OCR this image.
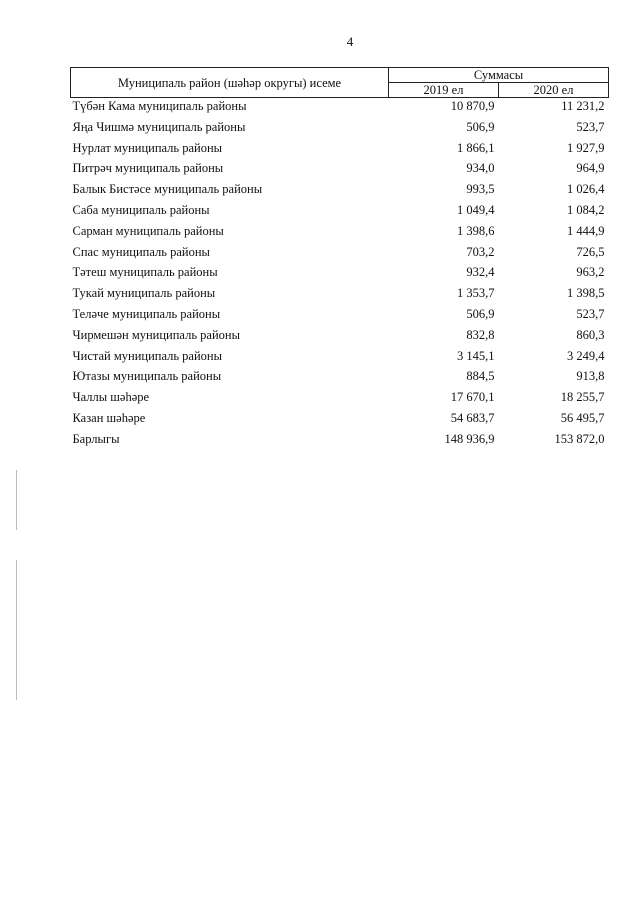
4
Муниципаль район (шәһәр округы) исеме	Суммасы	
	2019 ел	2020 ел
Түбән Кама муниципаль районы	10 870,9	11 231,2
Яңа Чишмә муниципаль районы	506,9	523,7
Нурлат муниципаль районы	1 866,1	1 927,9
Питрәч муниципаль районы	934,0	964,9
Балык Бистәсе муниципаль районы	993,5	1 026,4
Саба муниципаль районы	1 049,4	1 084,2
Сарман муниципаль районы	1 398,6	1 444,9
Спас муниципаль районы	703,2	726,5
Тәтеш муниципаль районы	932,4	963,2
Тукай муниципаль районы	1 353,7	1 398,5
Теләче муниципаль районы	506,9	523,7
Чирмешән муниципаль районы	832,8	860,3
Чистай муниципаль районы	3 145,1	3 249,4
Ютазы муниципаль районы	884,5	913,8
Чаллы шәһәре	17 670,1	18 255,7
Казан шәһәре	54 683,7	56 495,7
Барлыгы	148 936,9	153 872,0
